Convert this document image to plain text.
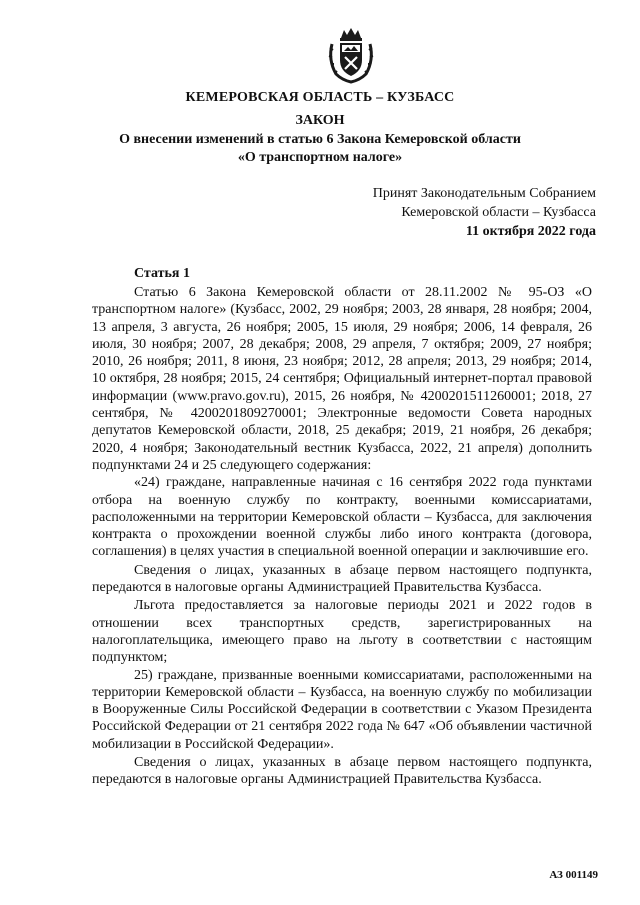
КЕМЕРОВСКАЯ ОБЛАСТЬ – КУЗБАСС
ЗАКОН
О внесении изменений в статью 6 Закона Кемеровской области
«О транспортном налоге»
Принят Законодательным Собранием
Кемеровской области – Кузбасса
11 октября 2022 года
Статья 1

Статью 6 Закона Кемеровской области от 28.11.2002 № 95-ОЗ «О транспортном налоге» (Кузбасс, 2002, 29 ноября; 2003, 28 января, 28 ноября; 2004, 13 апреля, 3 августа, 26 ноября; 2005, 15 июля, 29 ноября; 2006, 14 февраля, 26 июля, 30 ноября; 2007, 28 декабря; 2008, 29 апреля, 7 октября; 2009, 27 ноября; 2010, 26 ноября; 2011, 8 июня, 23 ноября; 2012, 28 апреля; 2013, 29 ноября; 2014, 10 октября, 28 ноября; 2015, 24 сентября; Официальный интернет-портал правовой информации (www.pravo.gov.ru), 2015, 26 ноября, № 4200201511260001; 2018, 27 сентября, № 4200201809270001; Электронные ведомости Совета народных депутатов Кемеровской области, 2018, 25 декабря; 2019, 21 ноября, 26 декабря; 2020, 4 ноября; Законодательный вестник Кузбасса, 2022, 21 апреля) дополнить подпунктами 24 и 25 следующего содержания:

«24) граждане, направленные начиная с 16 сентября 2022 года пунктами отбора на военную службу по контракту, военными комиссариатами, расположенными на территории Кемеровской области – Кузбасса, для заключения контракта о прохождении военной службы либо иного контракта (договора, соглашения) в целях участия в специальной военной операции и заключившие его.

Сведения о лицах, указанных в абзаце первом настоящего подпункта, передаются в налоговые органы Администрацией Правительства Кузбасса.

Льгота предоставляется за налоговые периоды 2021 и 2022 годов в отношении всех транспортных средств, зарегистрированных на налогоплательщика, имеющего право на льготу в соответствии с настоящим подпунктом;

25) граждане, призванные военными комиссариатами, расположенными на территории Кемеровской области – Кузбасса, на военную службу по мобилизации в Вооруженные Силы Российской Федерации в соответствии с Указом Президента Российской Федерации от 21 сентября 2022 года № 647 «Об объявлении частичной мобилизации в Российской Федерации».

Сведения о лицах, указанных в абзаце первом настоящего подпункта, передаются в налоговые органы Администрацией Правительства Кузбасса.

АЗ 001149
